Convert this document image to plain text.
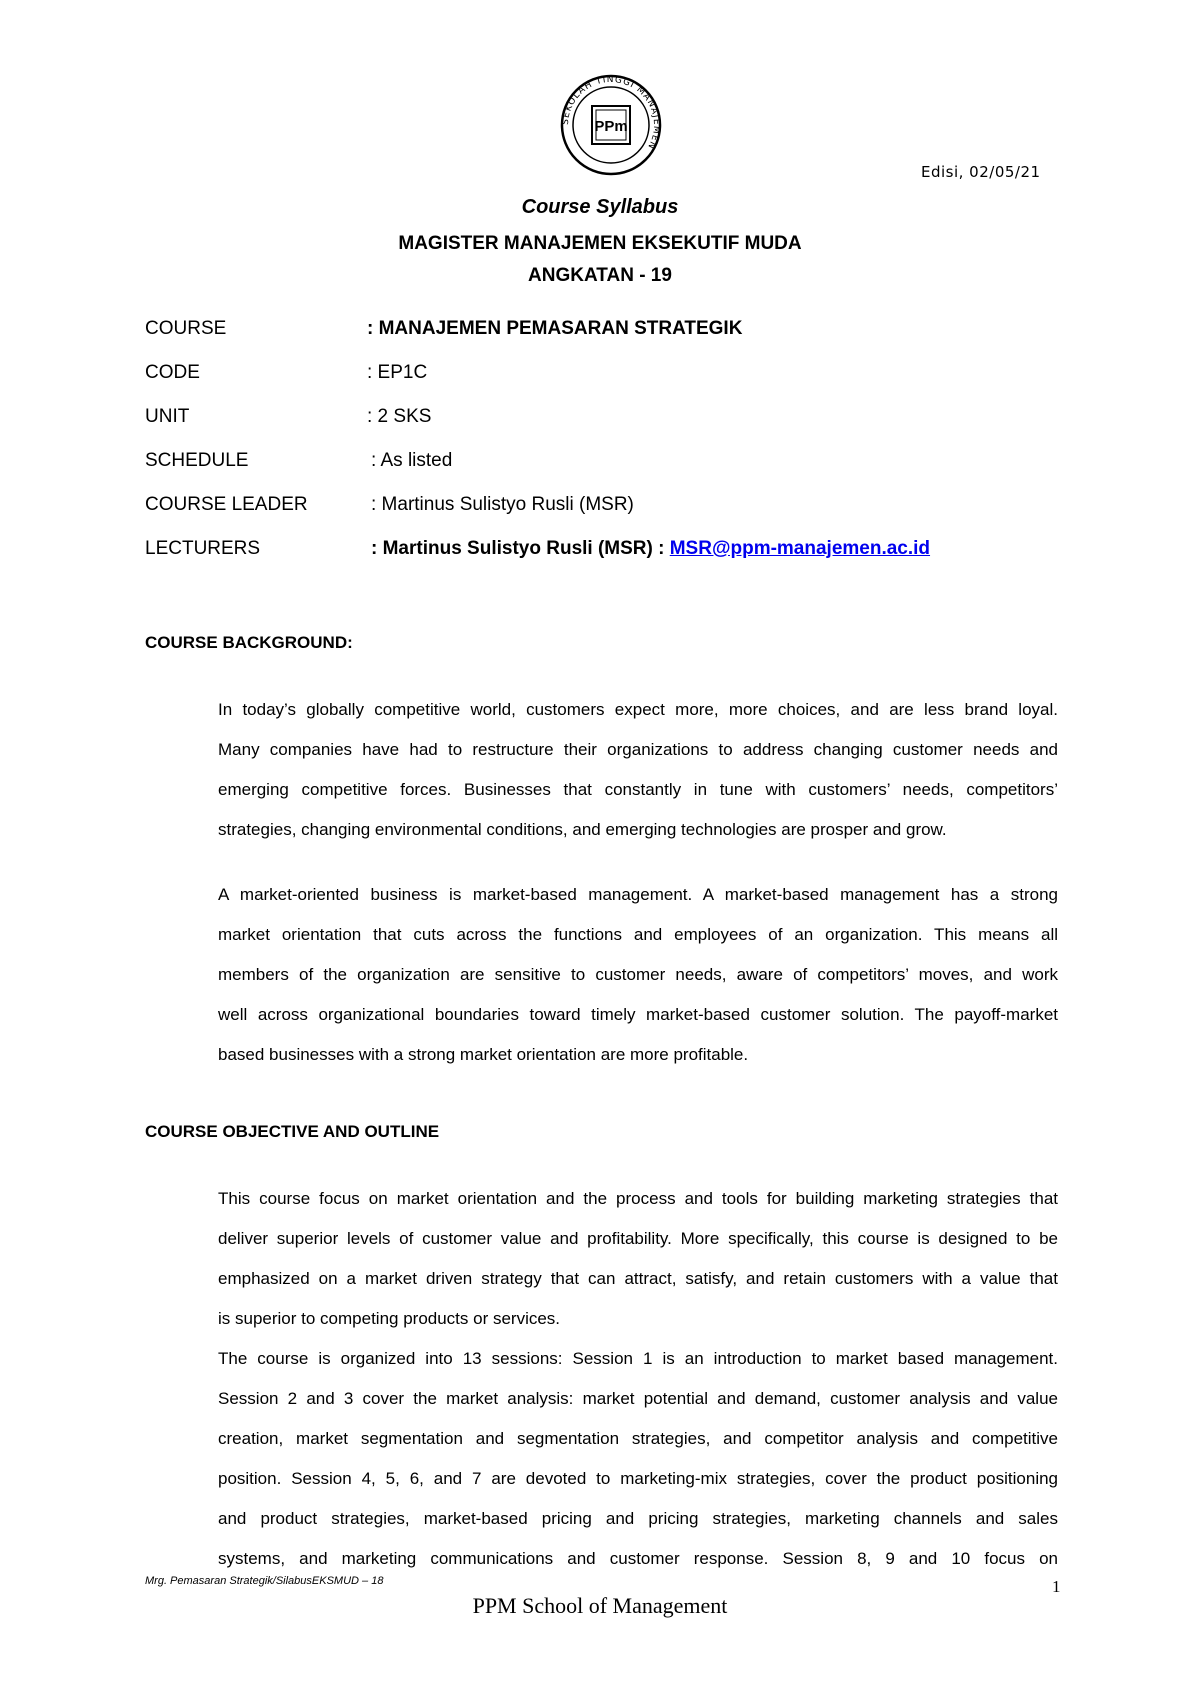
SEKOLAH TINGGI MANAJEMEN
PPm
Edisi, 02/05/21
Course Syllabus
MAGISTER MANAJEMEN EKSEKUTIF MUDA
ANGKATAN - 19
COURSE	: MANAJEMEN PEMASARAN STRATEGIK
CODE	: EP1C
UNIT	: 2 SKS
SCHEDULE	: As listed
COURSE LEADER	: Martinus Sulistyo Rusli (MSR)
LECTURERS	: Martinus Sulistyo Rusli (MSR) : MSR@ppm-manajemen.ac.id
COURSE BACKGROUND:
In today’s globally competitive world, customers expect more, more choices, and are less brand loyal.
Many companies have had to restructure their organizations to address changing customer needs and
emerging competitive forces. Businesses that constantly in tune with customers’ needs, competitors’
strategies, changing environmental conditions, and emerging technologies are prosper and grow.
A market-oriented business is market-based management. A market-based management has a strong
market orientation that cuts across the functions and employees of an organization. This means all
members of the organization are sensitive to customer needs, aware of competitors’ moves, and work
well across organizational boundaries toward timely market-based customer solution. The payoff-market
based businesses with a strong market orientation are more profitable.
COURSE OBJECTIVE AND OUTLINE
This course focus on market orientation and the process and tools for building marketing strategies that
deliver superior levels of customer value and profitability. More specifically, this course is designed to be
emphasized on a market driven strategy that can attract, satisfy, and retain customers with a value that
is superior to competing products or services.
The course is organized into 13 sessions: Session 1 is an introduction to market based management.
Session 2 and 3 cover the market analysis: market potential and demand, customer analysis and value
creation, market segmentation and segmentation strategies, and competitor analysis and competitive
position. Session 4, 5, 6, and 7 are devoted to marketing-mix strategies, cover the product positioning
and product strategies, market-based pricing and pricing strategies, marketing channels and sales
systems, and marketing communications and customer response. Session 8, 9 and 10 focus on
Mrg. Pemasaran Strategik/SilabusEKSMUD – 18	1
PPM School of Management
